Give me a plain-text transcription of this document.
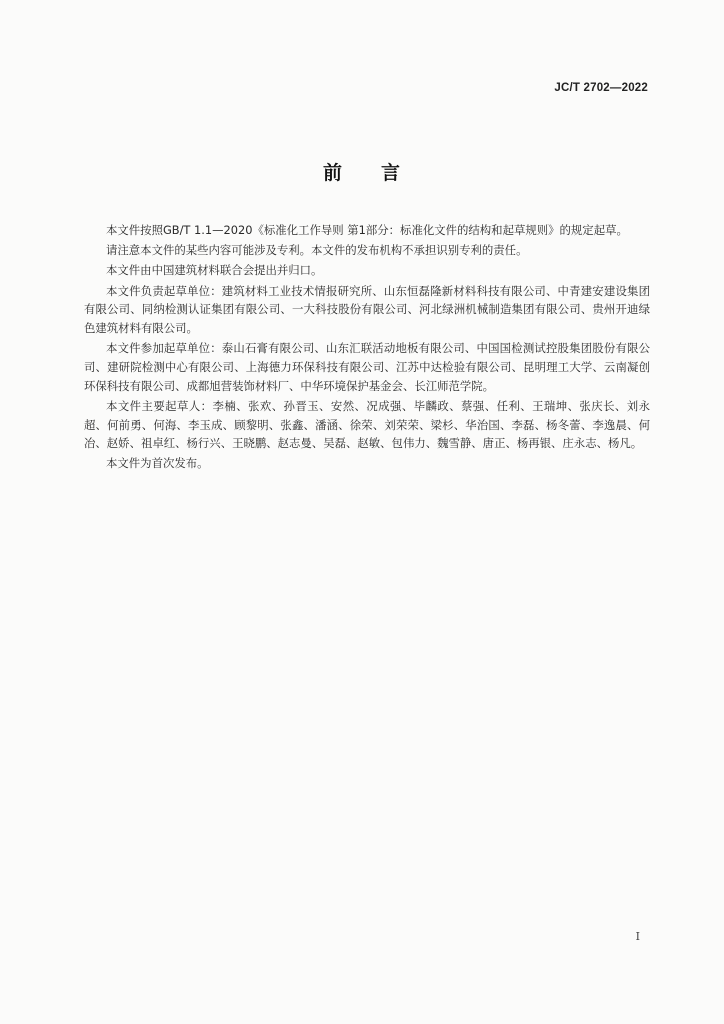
JC/T 2702—2022
前 言

本文件按照GB/T 1.1—2020《标准化工作导则 第1部分：标准化文件的结构和起草规则》的规定起草。

请注意本文件的某些内容可能涉及专利。本文件的发布机构不承担识别专利的责任。

本文件由中国建筑材料联合会提出并归口。

本文件负责起草单位：建筑材料工业技术情报研究所、山东恒磊隆新材料科技有限公司、中青建安建设集团有限公司、同纳检测认证集团有限公司、一大科技股份有限公司、河北绿洲机械制造集团有限公司、贵州开迪绿色建筑材料有限公司。

本文件参加起草单位：泰山石膏有限公司、山东汇联活动地板有限公司、中国国检测试控股集团股份有限公司、建研院检测中心有限公司、上海德力环保科技有限公司、江苏中达检验有限公司、昆明理工大学、云南凝创环保科技有限公司、成都旭营装饰材料厂、中华环境保护基金会、长江师范学院。

本文件主要起草人：李楠、张欢、孙晋玉、安然、况成强、毕麟政、蔡强、任利、王瑞坤、张庆长、刘永超、何前勇、何海、李玉成、顾黎明、张鑫、潘涵、徐荣、刘荣荣、梁杉、华治国、李磊、杨冬蕾、李逸晨、何冶、赵娇、祖卓红、杨行兴、王晓鹏、赵志曼、吴磊、赵敏、包伟力、魏雪静、唐正、杨再银、庄永志、杨凡。

本文件为首次发布。

I
